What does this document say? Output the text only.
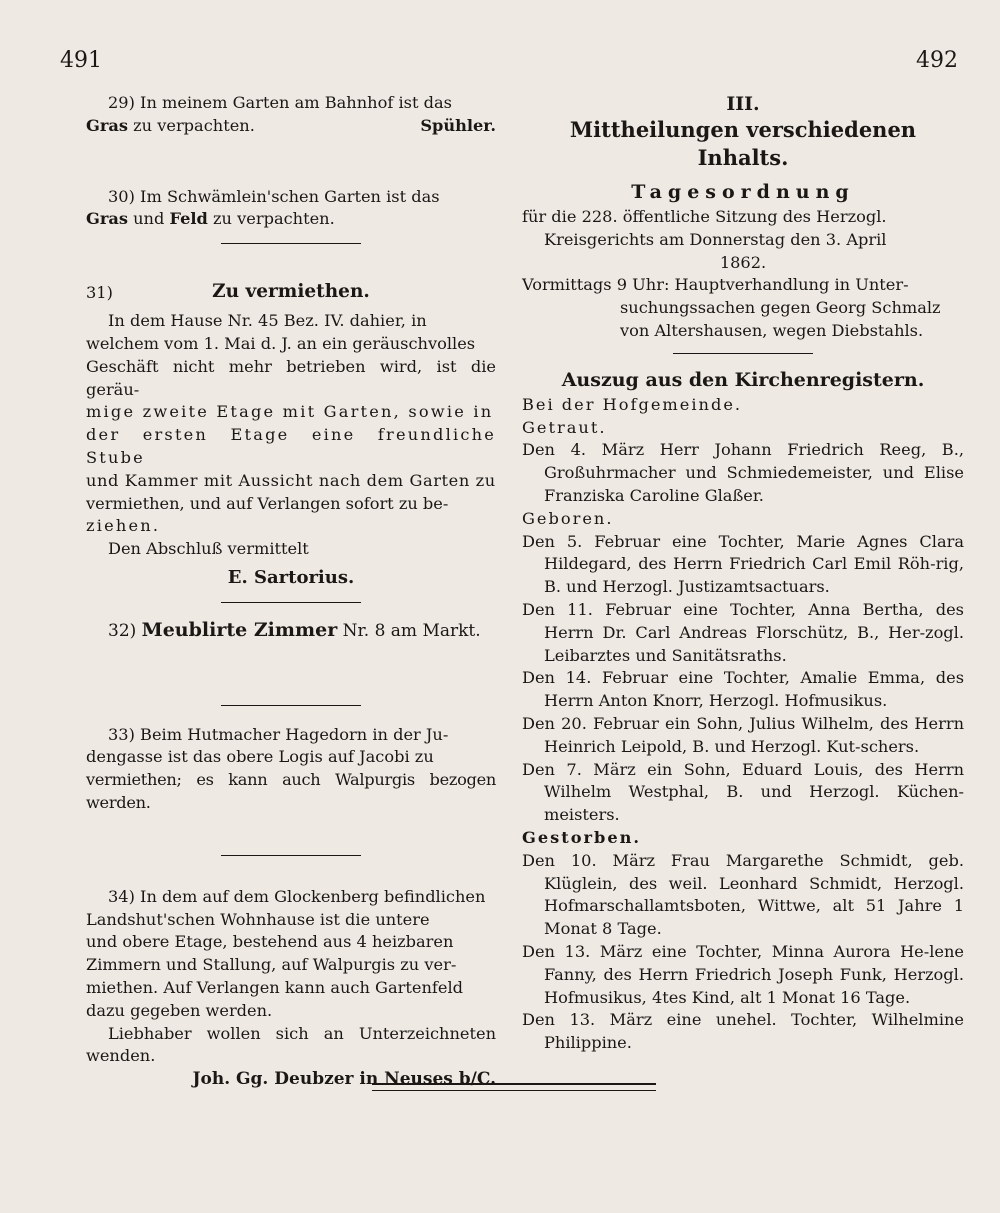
491	492

29) In meinem Garten am Bahnhof ist das

Gras zu verpachten.	Spühler.

30) Im Schwämlein'schen Garten ist das

Gras und Feld zu verpachten.

31)	Zu vermiethen.

In dem Hause Nr. 45 Bez. IV. dahier, in

welchem vom 1. Mai d. J. an ein geräuschvolles

Geschäft nicht mehr betrieben wird, ist die geräu-

mige zweite Etage mit Garten, sowie in

der ersten Etage eine freundliche Stube

und Kammer mit Aussicht nach dem Garten zu

vermiethen, und auf Verlangen sofort zu be-

ziehen.

Den Abschluß vermittelt

E. Sartorius.

32) Meublirte Zimmer Nr. 8 am Markt.

33) Beim Hutmacher Hagedorn in der Ju-

dengasse ist das obere Logis auf Jacobi zu

vermiethen; es kann auch Walpurgis bezogen werden.

34) In dem auf dem Glockenberg befindlichen

Landshut'schen Wohnhause ist die untere

und obere Etage, bestehend aus 4 heizbaren

Zimmern und Stallung, auf Walpurgis zu ver-

miethen. Auf Verlangen kann auch Gartenfeld

dazu gegeben werden.

Liebhaber wollen sich an Unterzeichneten wenden.

Joh. Gg. Deubzer in Neuses b/C.

III.
Mittheilungen verschiedenen Inhalts.
Tagesordnung

für die 228. öffentliche Sitzung des Herzogl.

Kreisgerichts am Donnerstag den 3. April

1862.

Vormittags 9 Uhr: Hauptverhandlung in Unter-

suchungssachen gegen Georg Schmalz

von Altershausen, wegen Diebstahls.

Auszug aus den Kirchenregistern.

Bei der Hofgemeinde.

Getraut.

Den 4. März Herr Johann Friedrich Reeg, B., Großuhrmacher und Schmiedemeister, und Elise Franziska Caroline Glaßer.

Geboren.

Den 5. Februar eine Tochter, Marie Agnes Clara Hildegard, des Herrn Friedrich Carl Emil Röh-rig, B. und Herzogl. Justizamtsactuars.

Den 11. Februar eine Tochter, Anna Bertha, des Herrn Dr. Carl Andreas Florschütz, B., Her-zogl. Leibarztes und Sanitätsraths.

Den 14. Februar eine Tochter, Amalie Emma, des Herrn Anton Knorr, Herzogl. Hofmusikus.

Den 20. Februar ein Sohn, Julius Wilhelm, des Herrn Heinrich Leipold, B. und Herzogl. Kut-schers.

Den 7. März ein Sohn, Eduard Louis, des Herrn Wilhelm Westphal, B. und Herzogl. Küchen-meisters.

Gestorben.

Den 10. März Frau Margarethe Schmidt, geb. Klüglein, des weil. Leonhard Schmidt, Herzogl. Hofmarschallamtsboten, Wittwe, alt 51 Jahre 1 Monat 8 Tage.

Den 13. März eine Tochter, Minna Aurora He-lene Fanny, des Herrn Friedrich Joseph Funk, Herzogl. Hofmusikus, 4tes Kind, alt 1 Monat 16 Tage.

Den 13. März eine unehel. Tochter, Wilhelmine Philippine.
